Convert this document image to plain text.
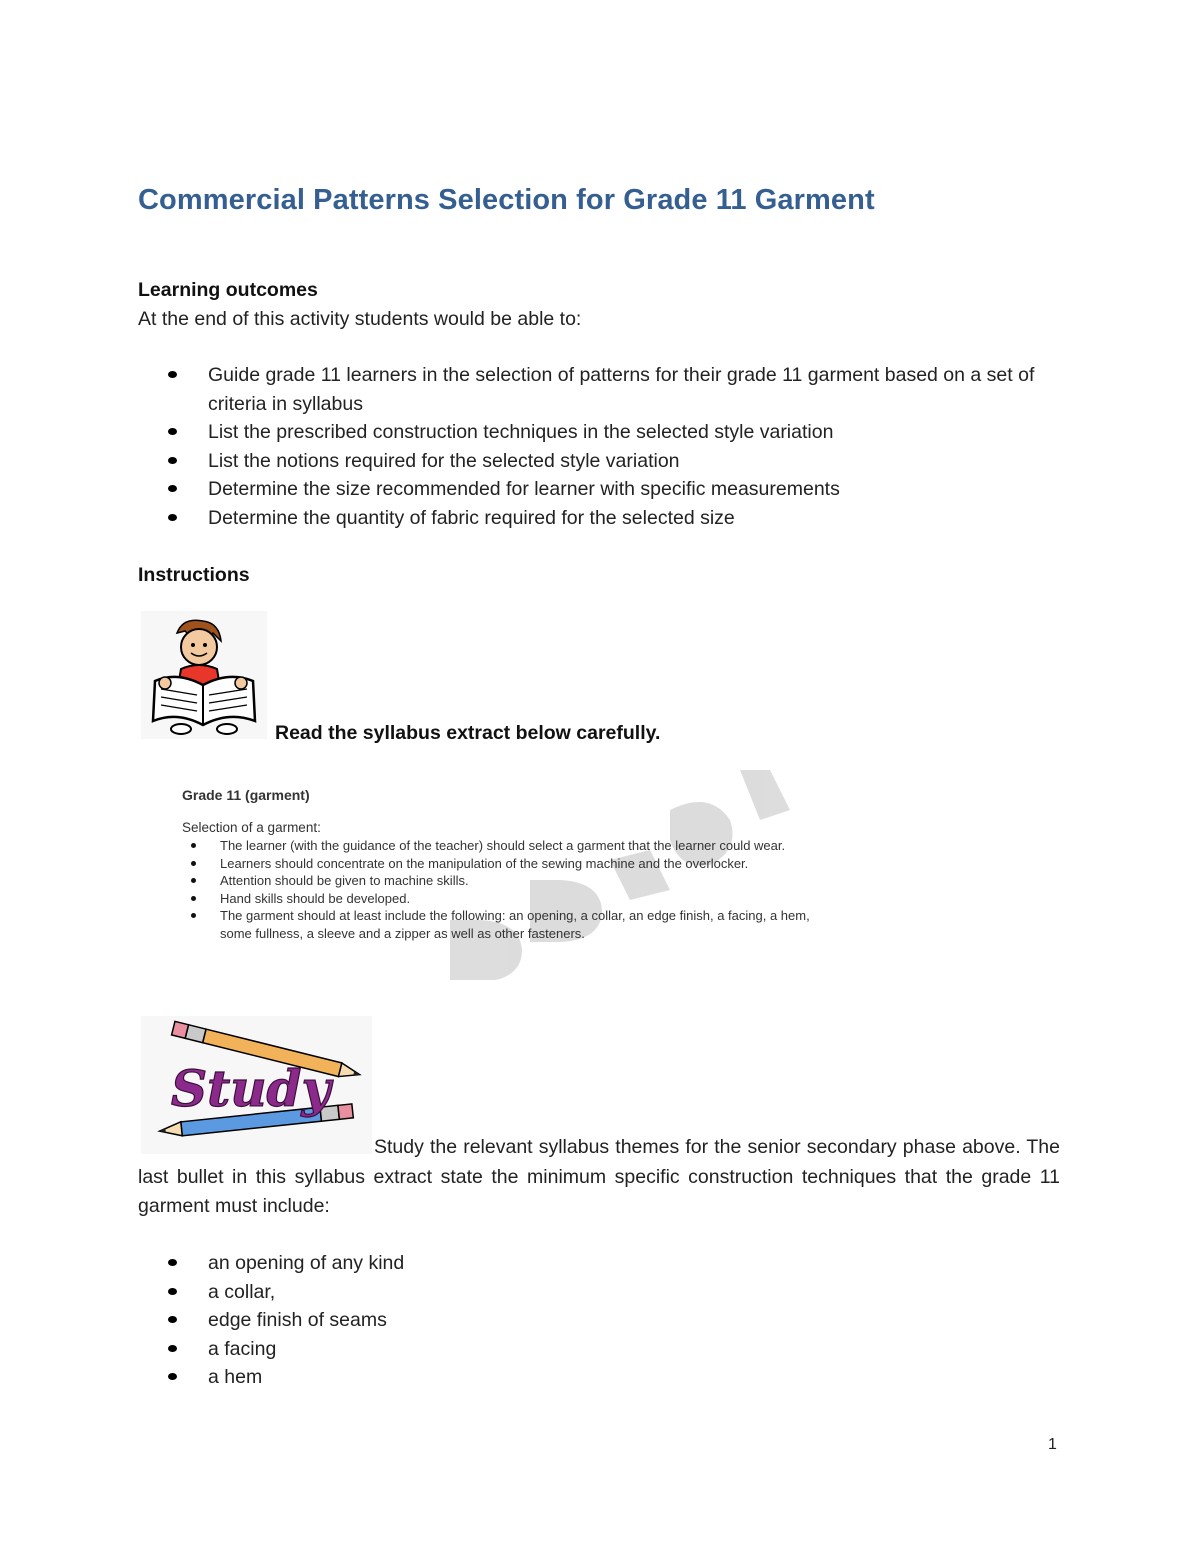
Commercial Patterns Selection for Grade 11 Garment

Learning outcomes

At the end of this activity students would be able to:

Guide grade 11 learners in the selection of patterns for their grade 11 garment based on a set of criteria in syllabus
List the prescribed construction techniques in the selected style variation
List the notions required for the selected style variation
Determine the size recommended for learner with specific measurements
Determine the quantity of fabric required for the selected size

Instructions

Read the syllabus extract below carefully.

Grade 11 (garment)
Selection of a garment:
The learner (with the guidance of the teacher) should select a garment that the learner could wear.
Learners should concentrate on the manipulation of the sewing machine and the overlocker.
Attention should be given to machine skills.
Hand skills should be developed.
The garment should at least include the following: an opening, a collar, an edge finish, a facing, a hem, some fullness, a sleeve and a zipper as well as other fasteners.
Study

Study the relevant syllabus themes for the senior secondary phase above. The last bullet in this syllabus extract state the minimum specific construction techniques that the grade 11 garment must include:

an opening of any kind
a collar,
edge finish of seams
a facing
a hem
1
